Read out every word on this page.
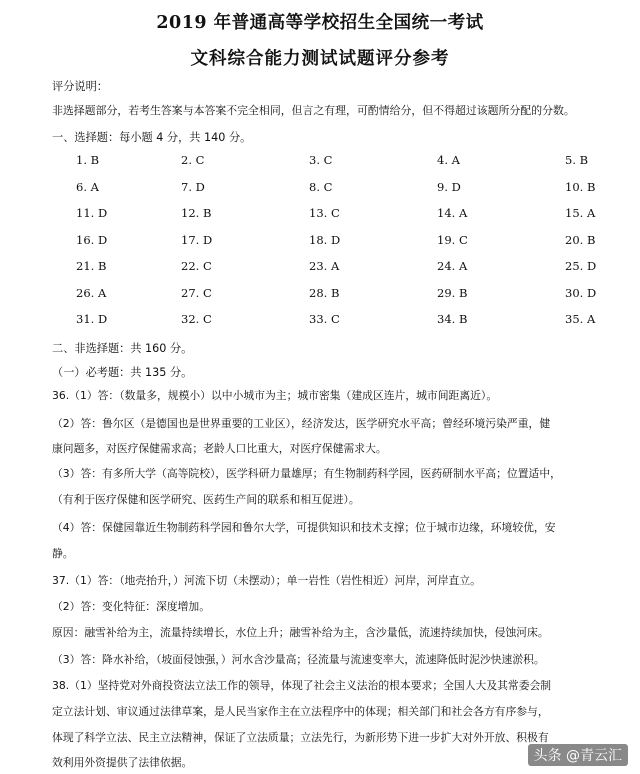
2019 年普通高等学校招生全国统一考试
文科综合能力测试试题评分参考
评分说明：
非选择题部分，若考生答案与本答案不完全相同，但言之有理，可酌情给分，但不得超过该题所分配的分数。
一、选择题：每小题 4 分，共 140 分。
1. B	2. C	3. C	4. A	5. B
6. A	7. D	8. C	9. D	10. B
11. D	12. B	13. C	14. A	15. A
16. D	17. D	18. D	19. C	20. B
21. B	22. C	23. A	24. A	25. D
26. A	27. C	28. B	29. B	30. D
31. D	32. C	33. C	34. B	35. A
二、非选择题：共 160 分。
（一）必考题：共 135 分。
36.（1）答：（数量多，规模小）以中小城市为主；城市密集（建成区连片，城市间距离近）。
（2）答：鲁尔区（是德国也是世界重要的工业区），经济发达，医学研究水平高；曾经环境污染严重，健
康问题多，对医疗保健需求高；老龄人口比重大，对医疗保健需求大。
（3）答：有多所大学（高等院校），医学科研力量雄厚；有生物制药科学园，医药研制水平高；位置适中，
（有利于医疗保健和医学研究、医药生产间的联系和相互促进）。
（4）答：保健园靠近生物制药科学园和鲁尔大学，可提供知识和技术支撑；位于城市边缘，环境较优，安
静。
37.（1）答：（地壳抬升，）河流下切（未摆动）；单一岩性（岩性相近）河岸，河岸直立。
（2）答：变化特征：深度增加。
原因：融雪补给为主，流量持续增长，水位上升；融雪补给为主，含沙量低，流速持续加快，侵蚀河床。
（3）答：降水补给，（坡面侵蚀强，）河水含沙量高；径流量与流速变率大，流速降低时泥沙快速淤积。
38.（1）坚持党对外商投资法立法工作的领导，体现了社会主义法治的根本要求；全国人大及其常委会制
定立法计划、审议通过法律草案，是人民当家作主在立法程序中的体现；相关部门和社会各方有序参与，
体现了科学立法、民主立法精神，保证了立法质量；立法先行，为新形势下进一步扩大对外开放、积极有
效利用外资提供了法律依据。	头条 @青云汇
